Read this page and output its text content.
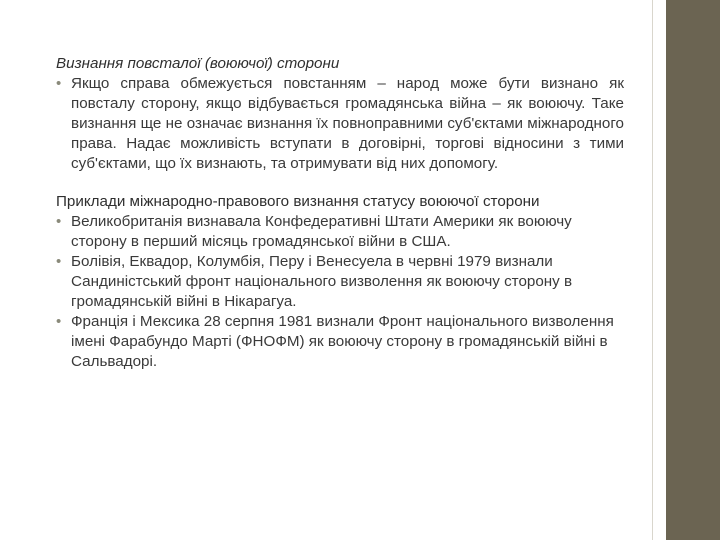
Визнання повсталої (воюючої) сторони

• Якщо справа обмежується повстанням – народ може бути визнано як повсталу сторону, якщо відбувається громадянська війна – як воюючу. Таке визнання ще не означає визнання їх повноправними суб'єктами міжнародного права. Надає можливість вступати в договірні, торгові відносини з тими суб'єктами, що їх визнають, та отримувати від них допомогу.

Приклади міжнародно-правового визнання статусу воюючої сторони

• Великобританія визнавала Конфедеративні Штати Америки як воюючу сторону в перший місяць громадянської війни в США.
• Болівія, Еквадор, Колумбія, Перу і Венесуела в червні 1979 визнали Сандиністський фронт національного визволення як воюючу сторону в громадянській війні в Нікарагуа.
• Франція і Мексика 28 серпня 1981 визнали Фронт національного визволення імені Фарабундо Марті (ФНОФМ) як воюючу сторону в громадянській війні в Сальвадорі.
